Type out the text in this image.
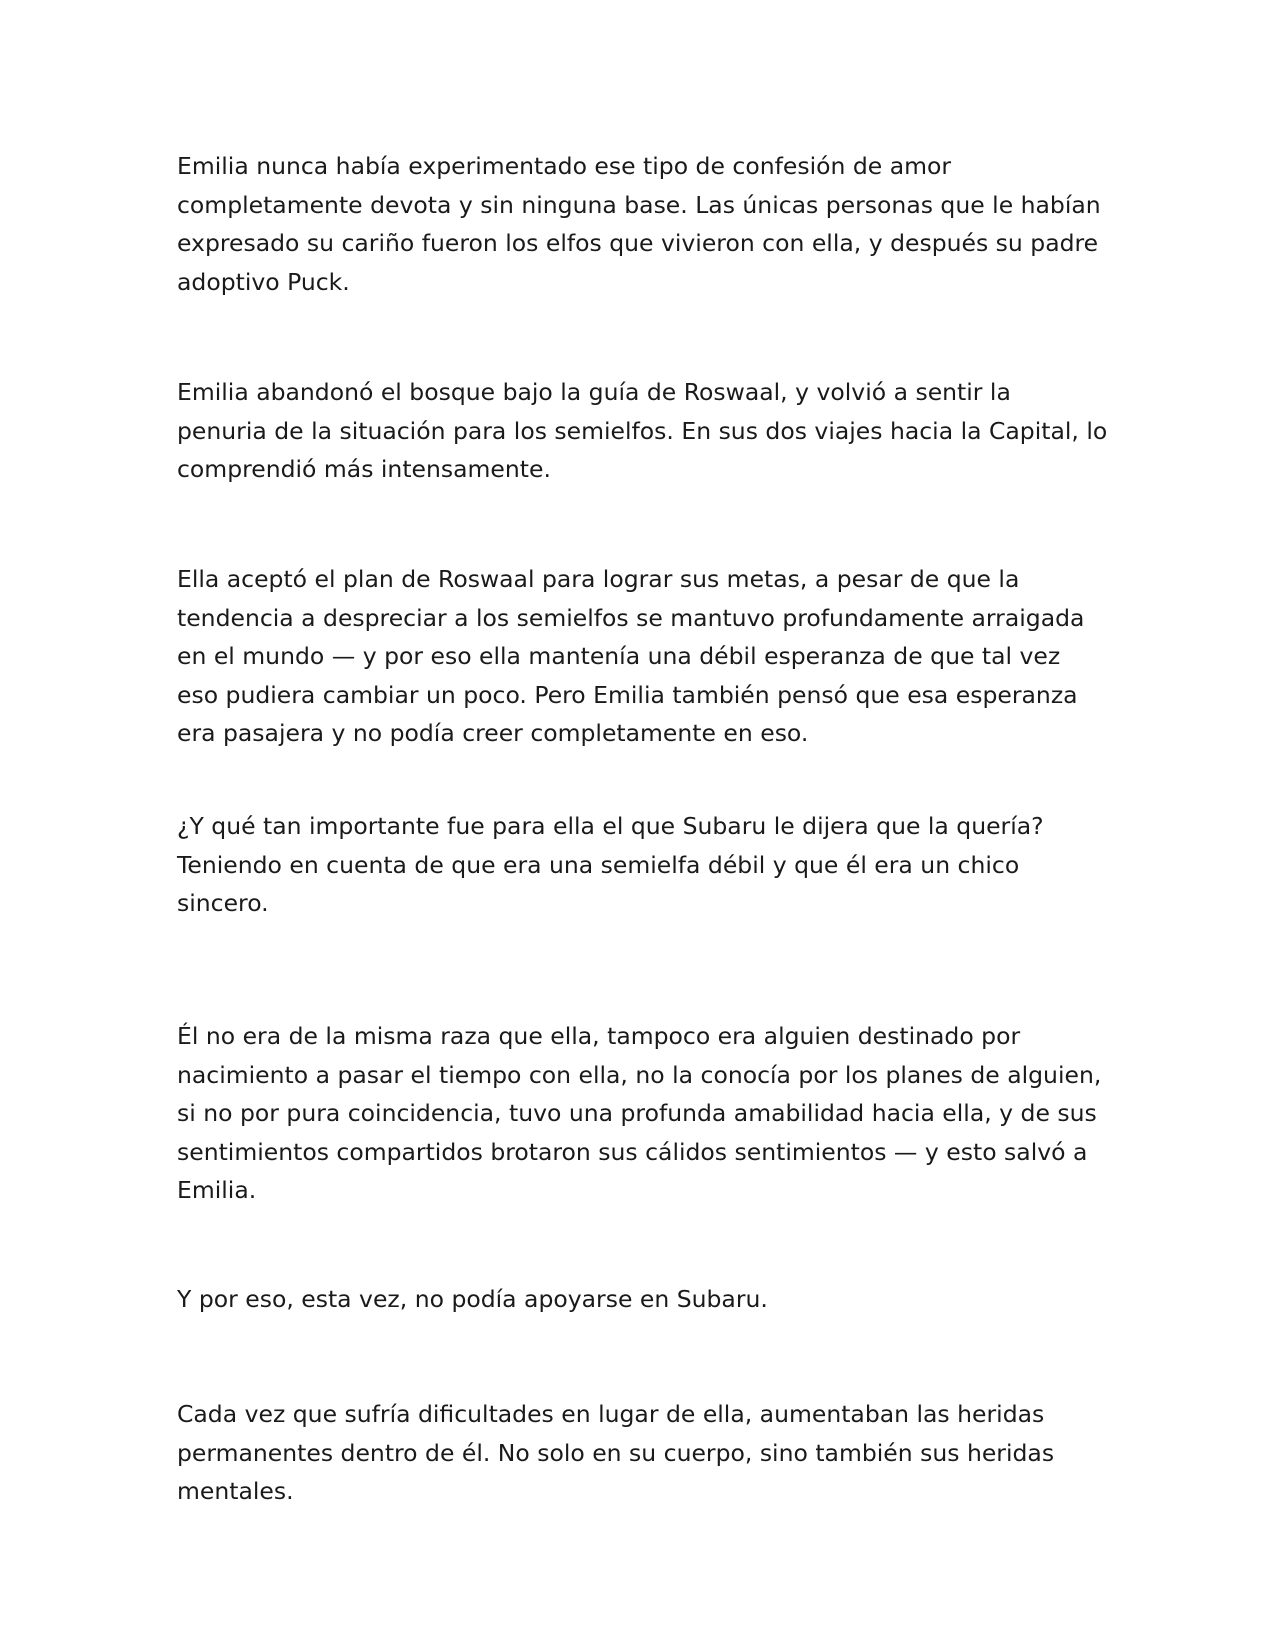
Emilia nunca había experimentado ese tipo de confesión de amor
completamente devota y sin ninguna base. Las únicas personas que le habían
expresado su cariño fueron los elfos que vivieron con ella, y después su padre
adoptivo Puck.

Emilia abandonó el bosque bajo la guía de Roswaal, y volvió a sentir la
penuria de la situación para los semielfos. En sus dos viajes hacia la Capital, lo
comprendió más intensamente.

Ella aceptó el plan de Roswaal para lograr sus metas, a pesar de que la
tendencia a despreciar a los semielfos se mantuvo profundamente arraigada
en el mundo — y por eso ella mantenía una débil esperanza de que tal vez
eso pudiera cambiar un poco. Pero Emilia también pensó que esa esperanza
era pasajera y no podía creer completamente en eso.

¿Y qué tan importante fue para ella el que Subaru le dijera que la quería?
Teniendo en cuenta de que era una semielfa débil y que él era un chico
sincero.

Él no era de la misma raza que ella, tampoco era alguien destinado por
nacimiento a pasar el tiempo con ella, no la conocía por los planes de alguien,
si no por pura coincidencia, tuvo una profunda amabilidad hacia ella, y de sus
sentimientos compartidos brotaron sus cálidos sentimientos — y esto salvó a
Emilia.

Y por eso, esta vez, no podía apoyarse en Subaru.

Cada vez que sufría dificultades en lugar de ella, aumentaban las heridas
permanentes dentro de él. No solo en su cuerpo, sino también sus heridas
mentales.
